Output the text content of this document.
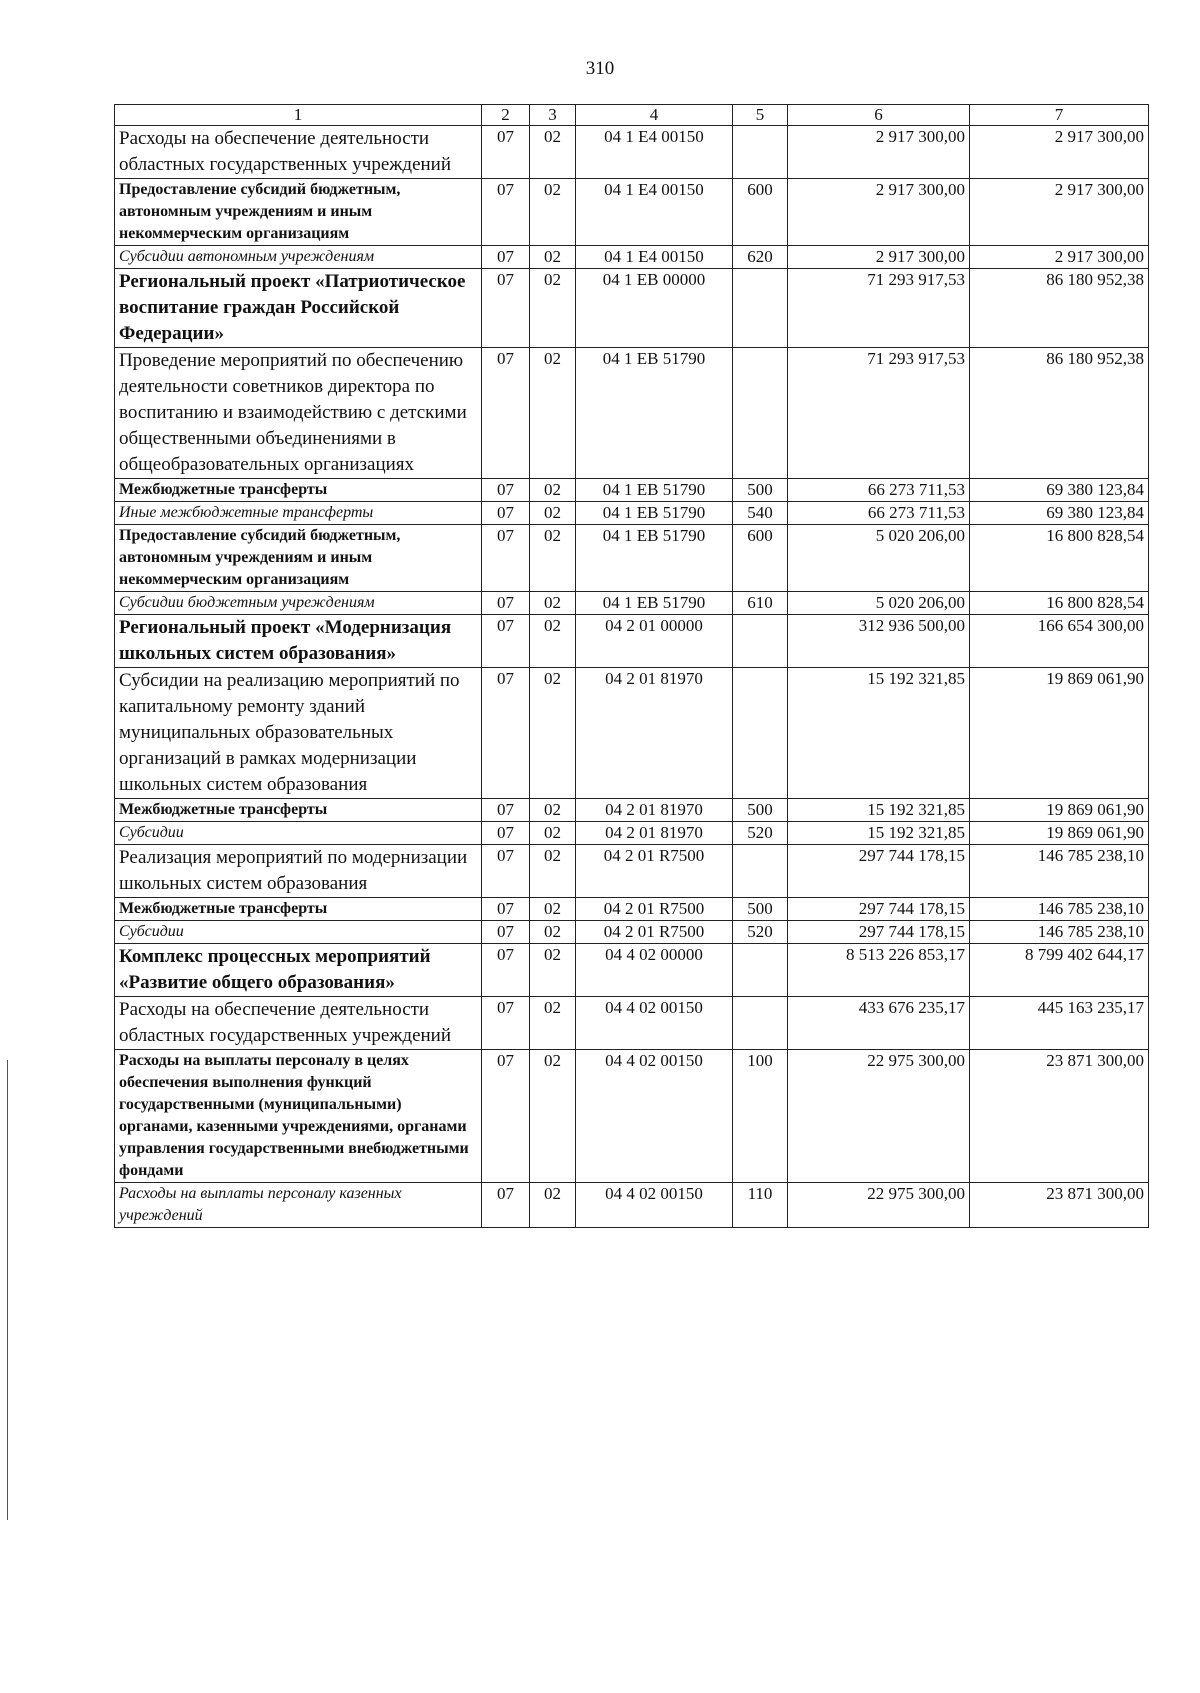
310
1	2	3	4	5	6	7
Расходы на обеспечение деятельности областных государственных учреждений	07	02	04 1 E4 00150		2 917 300,00	2 917 300,00
Предоставление субсидий бюджетным, автономным учреждениям и иным некоммерческим организациям	07	02	04 1 E4 00150	600	2 917 300,00	2 917 300,00
Субсидии автономным учреждениям	07	02	04 1 E4 00150	620	2 917 300,00	2 917 300,00
Региональный проект «Патриотическое воспитание граждан Российской Федерации»	07	02	04 1 EB 00000		71 293 917,53	86 180 952,38
Проведение мероприятий по обеспечению деятельности советников директора по воспитанию и взаимодействию с детскими общественными объединениями в общеобразовательных организациях	07	02	04 1 EB 51790		71 293 917,53	86 180 952,38
Межбюджетные трансферты	07	02	04 1 EB 51790	500	66 273 711,53	69 380 123,84
Иные межбюджетные трансферты	07	02	04 1 EB 51790	540	66 273 711,53	69 380 123,84
Предоставление субсидий бюджетным, автономным учреждениям и иным некоммерческим организациям	07	02	04 1 EB 51790	600	5 020 206,00	16 800 828,54
Субсидии бюджетным учреждениям	07	02	04 1 EB 51790	610	5 020 206,00	16 800 828,54
Региональный проект «Модернизация школьных систем образования»	07	02	04 2 01 00000		312 936 500,00	166 654 300,00
Субсидии на реализацию мероприятий по капитальному ремонту зданий муниципальных образовательных организаций в рамках модернизации школьных систем образования	07	02	04 2 01 81970		15 192 321,85	19 869 061,90
Межбюджетные трансферты	07	02	04 2 01 81970	500	15 192 321,85	19 869 061,90
Субсидии	07	02	04 2 01 81970	520	15 192 321,85	19 869 061,90
Реализация мероприятий по модернизации школьных систем образования	07	02	04 2 01 R7500		297 744 178,15	146 785 238,10
Межбюджетные трансферты	07	02	04 2 01 R7500	500	297 744 178,15	146 785 238,10
Субсидии	07	02	04 2 01 R7500	520	297 744 178,15	146 785 238,10
Комплекс процессных мероприятий «Развитие общего образования»	07	02	04 4 02 00000		8 513 226 853,17	8 799 402 644,17
Расходы на обеспечение деятельности областных государственных учреждений	07	02	04 4 02 00150		433 676 235,17	445 163 235,17
Расходы на выплаты персоналу в целях обеспечения выполнения функций государственными (муниципальными) органами, казенными учреждениями, органами управления государственными внебюджетными фондами	07	02	04 4 02 00150	100	22 975 300,00	23 871 300,00
Расходы на выплаты персоналу казенных учреждений	07	02	04 4 02 00150	110	22 975 300,00	23 871 300,00
